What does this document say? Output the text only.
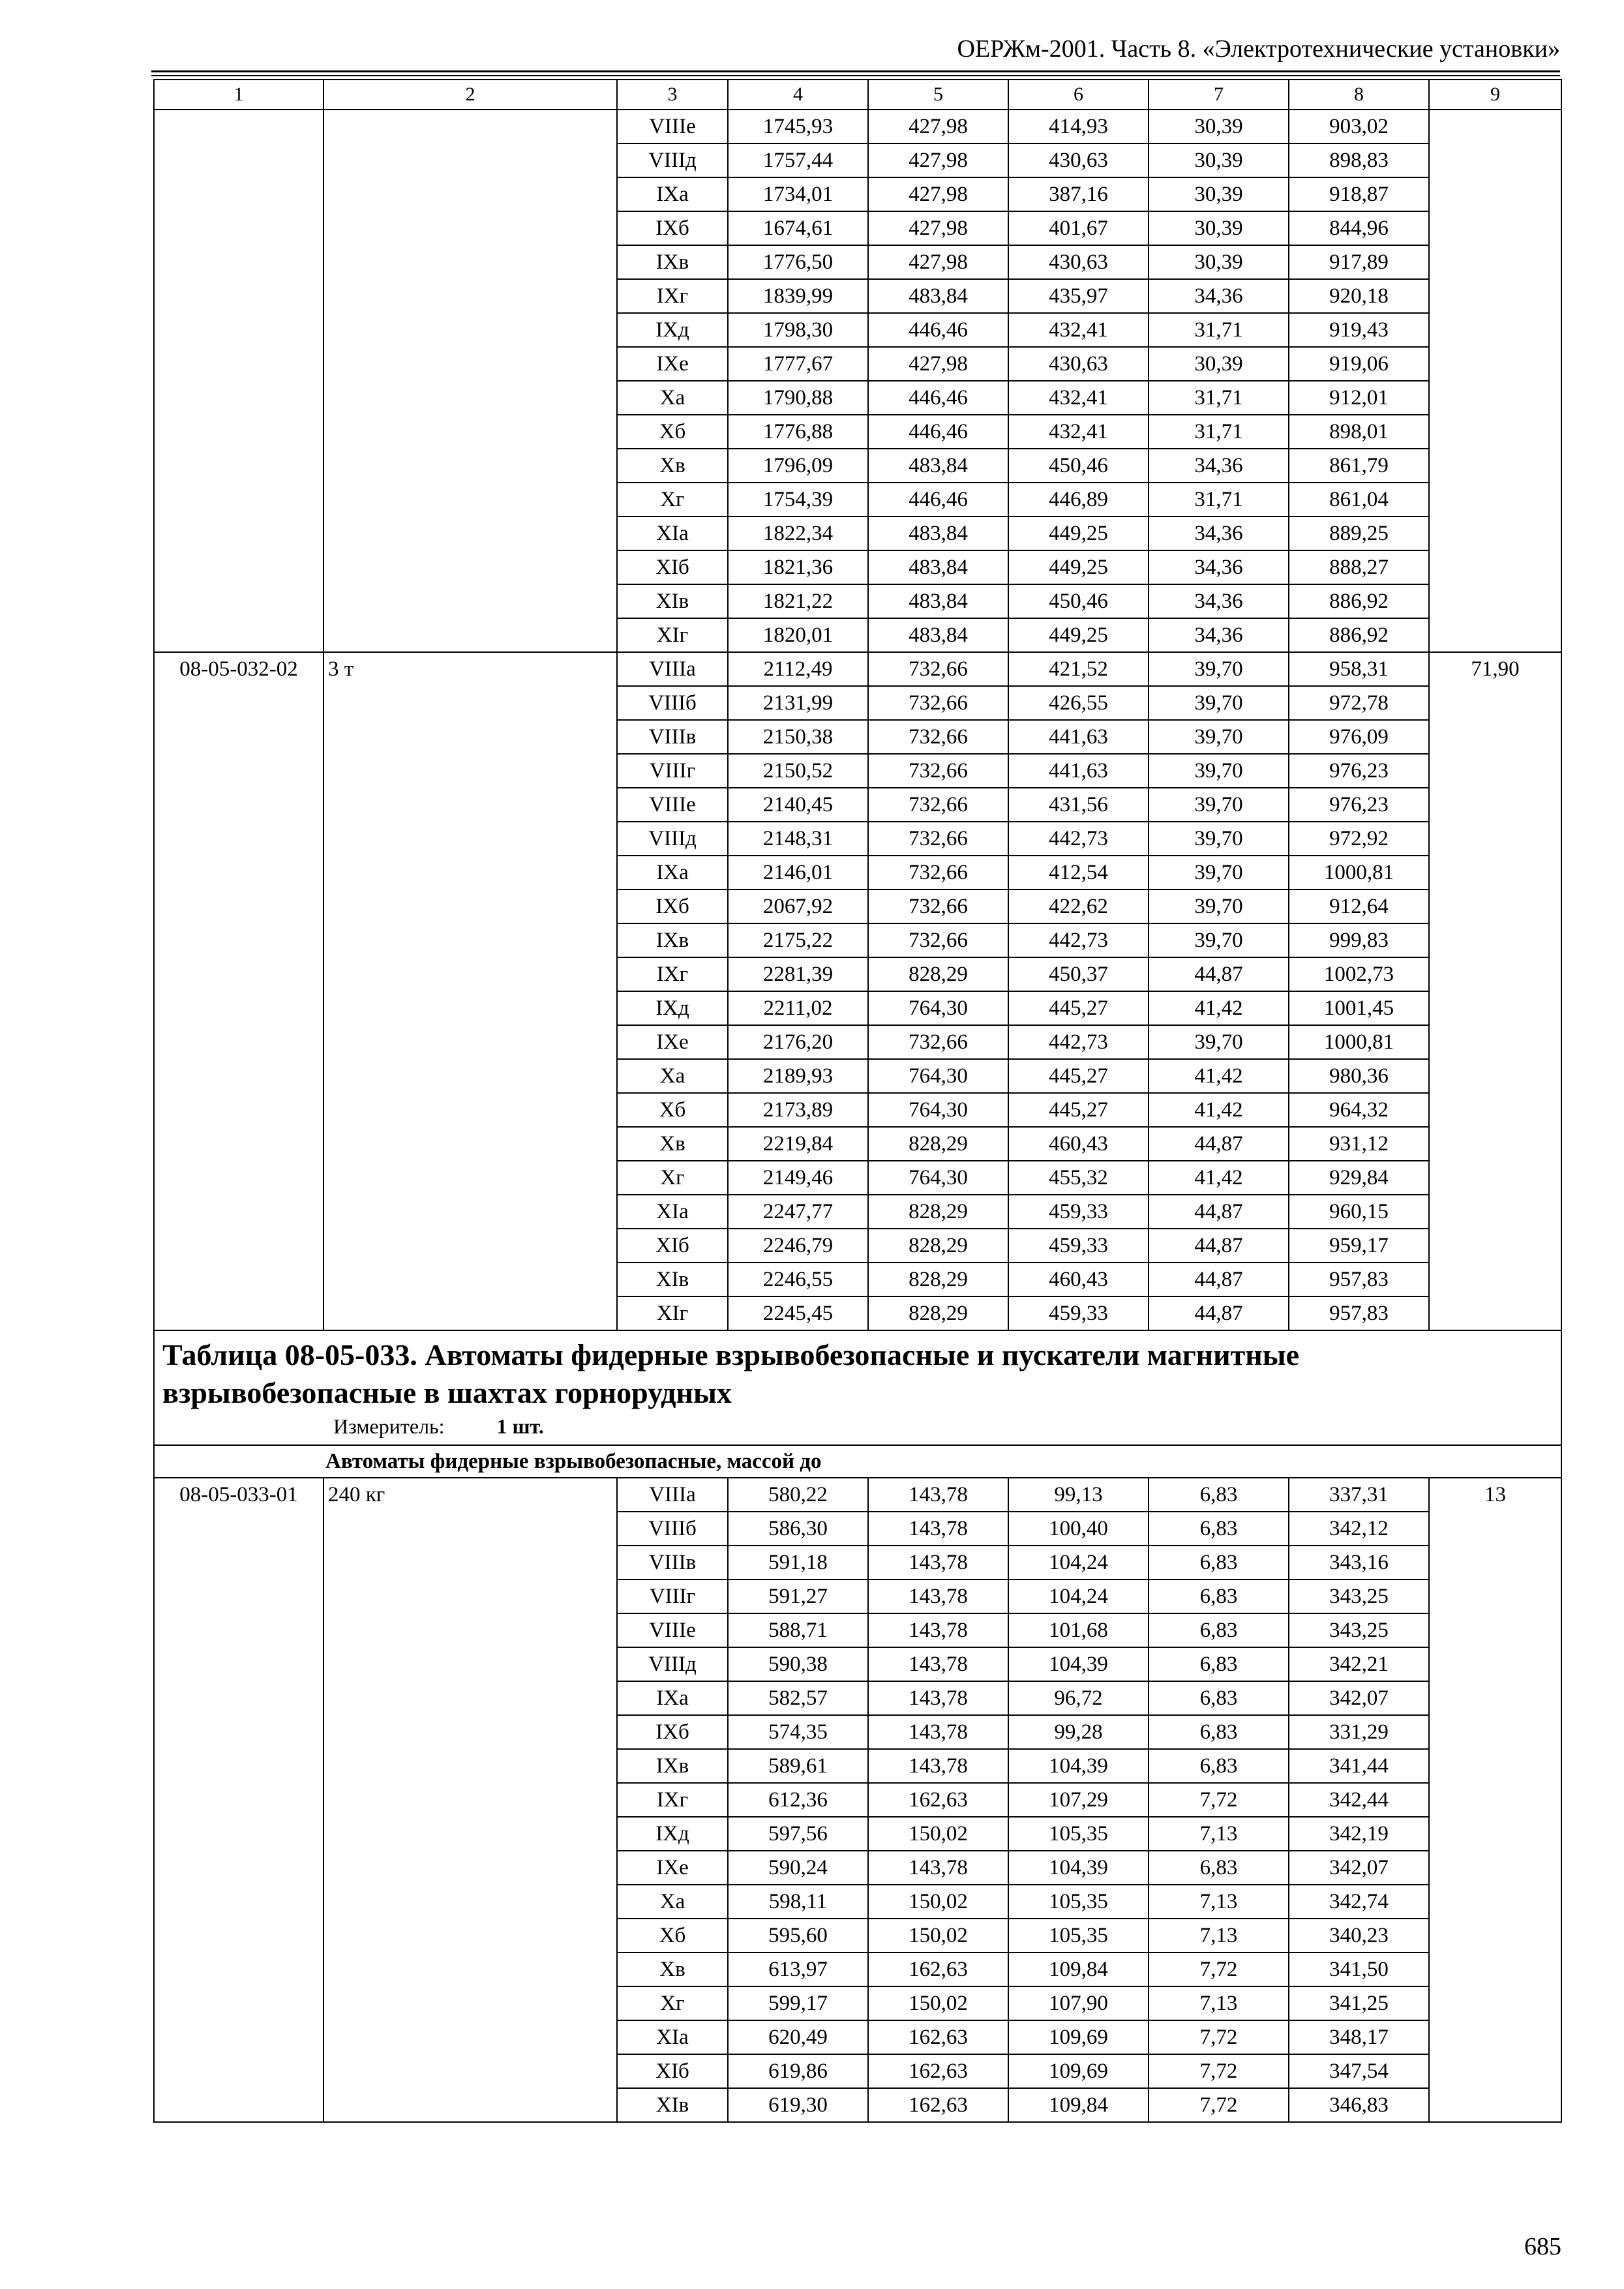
ОЕРЖм-2001. Часть 8. «Электротехнические установки»
1	2	3	4	5	6	7	8	9
		VIIIе	1745,93	427,98	414,93	30,39	903,02	
		VIIIд	1757,44	427,98	430,63	30,39	898,83	
		IXа	1734,01	427,98	387,16	30,39	918,87	
		IXб	1674,61	427,98	401,67	30,39	844,96	
		IXв	1776,50	427,98	430,63	30,39	917,89	
		IXг	1839,99	483,84	435,97	34,36	920,18	
		IXд	1798,30	446,46	432,41	31,71	919,43	
		IXе	1777,67	427,98	430,63	30,39	919,06	
		Xа	1790,88	446,46	432,41	31,71	912,01	
		Xб	1776,88	446,46	432,41	31,71	898,01	
		Xв	1796,09	483,84	450,46	34,36	861,79	
		Xг	1754,39	446,46	446,89	31,71	861,04	
		XIа	1822,34	483,84	449,25	34,36	889,25	
		XIб	1821,36	483,84	449,25	34,36	888,27	
		XIв	1821,22	483,84	450,46	34,36	886,92	
		XIг	1820,01	483,84	449,25	34,36	886,92	
08-05-032-02	3 т	VIIIа	2112,49	732,66	421,52	39,70	958,31	71,90
		VIIIб	2131,99	732,66	426,55	39,70	972,78	
		VIIIв	2150,38	732,66	441,63	39,70	976,09	
		VIIIг	2150,52	732,66	441,63	39,70	976,23	
		VIIIе	2140,45	732,66	431,56	39,70	976,23	
		VIIIд	2148,31	732,66	442,73	39,70	972,92	
		IXа	2146,01	732,66	412,54	39,70	1000,81	
		IXб	2067,92	732,66	422,62	39,70	912,64	
		IXв	2175,22	732,66	442,73	39,70	999,83	
		IXг	2281,39	828,29	450,37	44,87	1002,73	
		IXд	2211,02	764,30	445,27	41,42	1001,45	
		IXе	2176,20	732,66	442,73	39,70	1000,81	
		Xа	2189,93	764,30	445,27	41,42	980,36	
		Xб	2173,89	764,30	445,27	41,42	964,32	
		Xв	2219,84	828,29	460,43	44,87	931,12	
		Xг	2149,46	764,30	455,32	41,42	929,84	
		XIа	2247,77	828,29	459,33	44,87	960,15	
		XIб	2246,79	828,29	459,33	44,87	959,17	
		XIв	2246,55	828,29	460,43	44,87	957,83	
		XIг	2245,45	828,29	459,33	44,87	957,83	

Таблица 08-05-033. Автоматы фидерные взрывобезопасные и пускатели магнитные взрывобезопасные в шахтах горнорудных
Измеритель: 1 шт.								

Автоматы фидерные взрывобезопасные, массой до								
08-05-033-01	240 кг	VIIIа	580,22	143,78	99,13	6,83	337,31	13
		VIIIб	586,30	143,78	100,40	6,83	342,12	
		VIIIв	591,18	143,78	104,24	6,83	343,16	
		VIIIг	591,27	143,78	104,24	6,83	343,25	
		VIIIе	588,71	143,78	101,68	6,83	343,25	
		VIIIд	590,38	143,78	104,39	6,83	342,21	
		IXа	582,57	143,78	96,72	6,83	342,07	
		IXб	574,35	143,78	99,28	6,83	331,29	
		IXв	589,61	143,78	104,39	6,83	341,44	
		IXг	612,36	162,63	107,29	7,72	342,44	
		IXд	597,56	150,02	105,35	7,13	342,19	
		IXе	590,24	143,78	104,39	6,83	342,07	
		Xа	598,11	150,02	105,35	7,13	342,74	
		Xб	595,60	150,02	105,35	7,13	340,23	
		Xв	613,97	162,63	109,84	7,72	341,50	
		Xг	599,17	150,02	107,90	7,13	341,25	
		XIа	620,49	162,63	109,69	7,72	348,17	
		XIб	619,86	162,63	109,69	7,72	347,54	
		XIв	619,30	162,63	109,84	7,72	346,83	
685
